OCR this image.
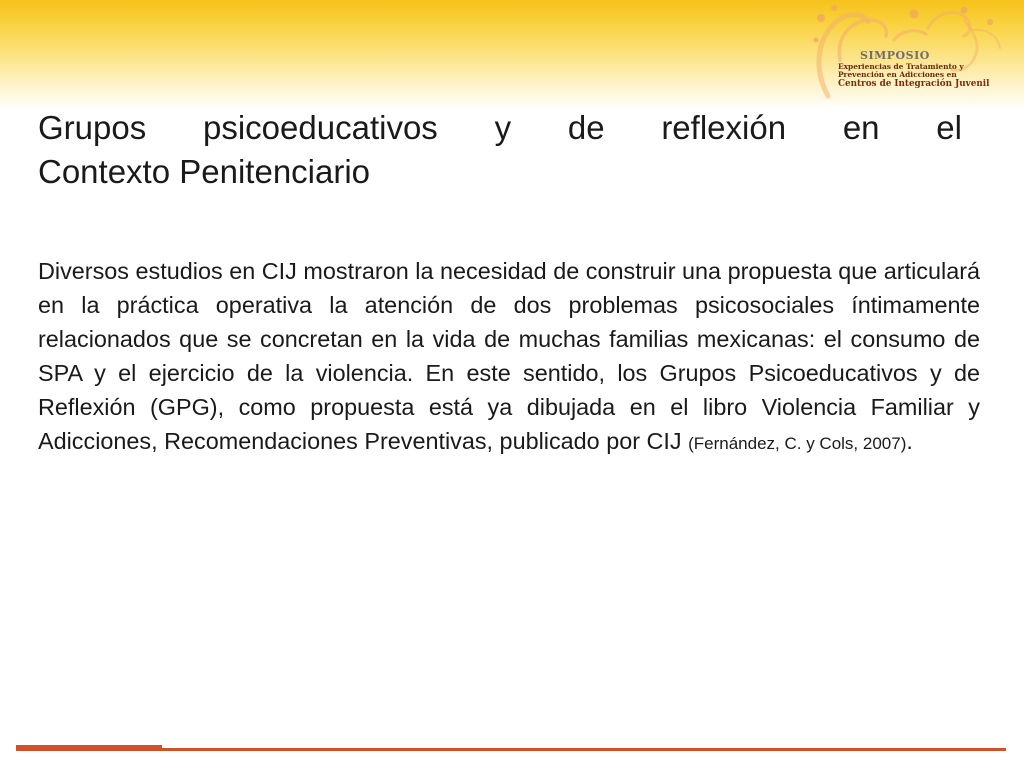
SIMPOSIO
Experiencias de Tratamiento y
Prevención en Adicciones en
Centros de Integración Juvenil
Grupos psicoeducativos y de reflexión en el
Contexto Penitenciario
Diversos estudios en CIJ mostraron la necesidad de construir una propuesta que articulará en la práctica operativa la atención de dos problemas psicosociales íntimamente relacionados que se concretan en la vida de muchas familias mexicanas: el consumo de SPA y el ejercicio de la violencia. En este sentido, los Grupos Psicoeducativos y de Reflexión (GPG), como propuesta está ya dibujada en el libro Violencia Familiar y Adicciones, Recomendaciones Preventivas, publicado por CIJ (Fernández, C. y Cols, 2007).
